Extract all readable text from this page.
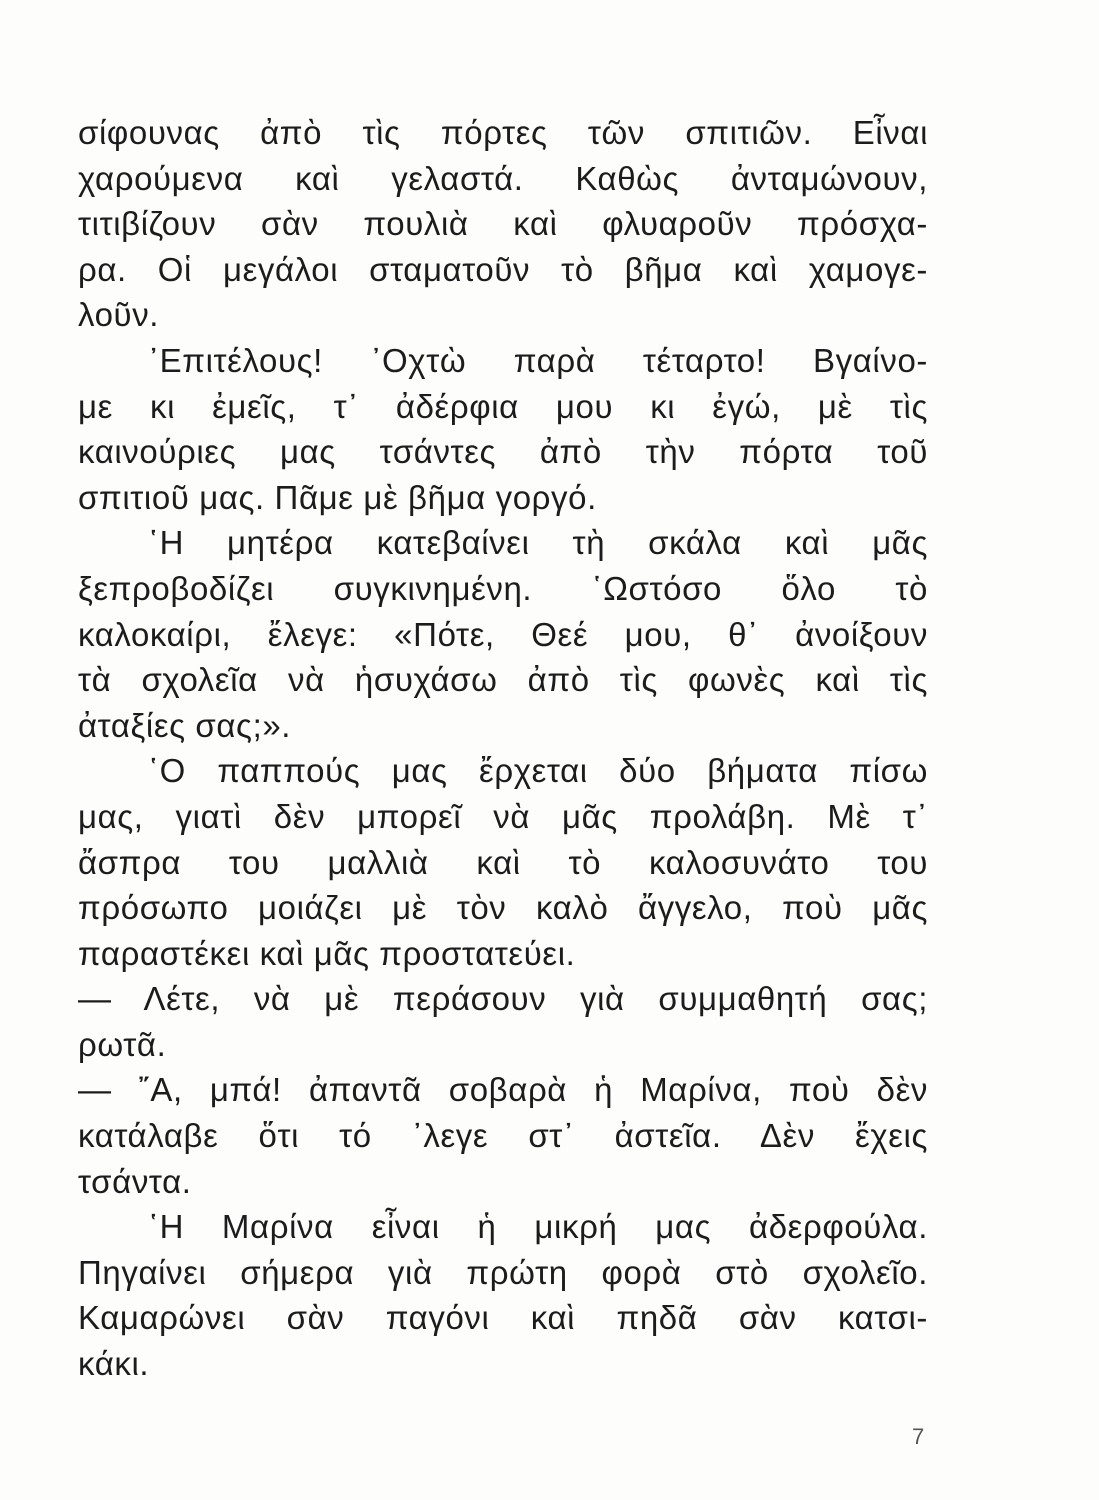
σίφουνας ἀπὸ τὶς πόρτες τῶν σπιτιῶν. Εἶναι
χαρούμενα καὶ γελαστά. Καθὼς ἀνταμώνουν,
τιτιβίζουν σὰν πουλιὰ καὶ φλυαροῦν πρόσχα-
ρα. Οἱ μεγάλοι σταματοῦν τὸ βῆμα καὶ χαμογε-
λοῦν.
᾿Επιτέλους! ᾿Οχτὼ παρὰ τέταρτο! Βγαίνο-
με κι ἐμεῖς, τ᾿ ἀδέρφια μου κι ἐγώ, μὲ τὶς
καινούριες μας τσάντες ἀπὸ τὴν πόρτα τοῦ
σπιτιοῦ μας. Πᾶμε μὲ βῆμα γοργό.
῾Η μητέρα κατεβαίνει τὴ σκάλα καὶ μᾶς
ξεπροβοδίζει συγκινημένη. ῾Ωστόσο ὅλο τὸ
καλοκαίρι, ἔλεγε: «Πότε, Θεέ μου, θ᾿ ἀνοίξουν
τὰ σχολεῖα νὰ ἡσυχάσω ἀπὸ τὶς φωνὲς καὶ τὶς
ἀταξίες σας;».
῾Ο παππούς μας ἔρχεται δύο βήματα πίσω
μας, γιατὶ δὲν μπορεῖ νὰ μᾶς προλάβη. Μὲ τ᾿
ἄσπρα του μαλλιὰ καὶ τὸ καλοσυνάτο του
πρόσωπο μοιάζει μὲ τὸν καλὸ ἄγγελο, ποὺ μᾶς
παραστέκει καὶ μᾶς προστατεύει.
— Λέτε, νὰ μὲ περάσουν γιὰ συμμαθητή σας;
ρωτᾶ.
— ῎Α, μπά! ἀπαντᾶ σοβαρὰ ἡ Μαρίνα, ποὺ δὲν
κατάλαβε ὅτι τό ᾿λεγε στ᾿ ἀστεῖα. Δὲν ἔχεις
τσάντα.
῾Η Μαρίνα εἶναι ἡ μικρή μας ἀδερφούλα.
Πηγαίνει σήμερα γιὰ πρώτη φορὰ στὸ σχολεῖο.
Καμαρώνει σὰν παγόνι καὶ πηδᾶ σὰν κατσι-
κάκι.
7
